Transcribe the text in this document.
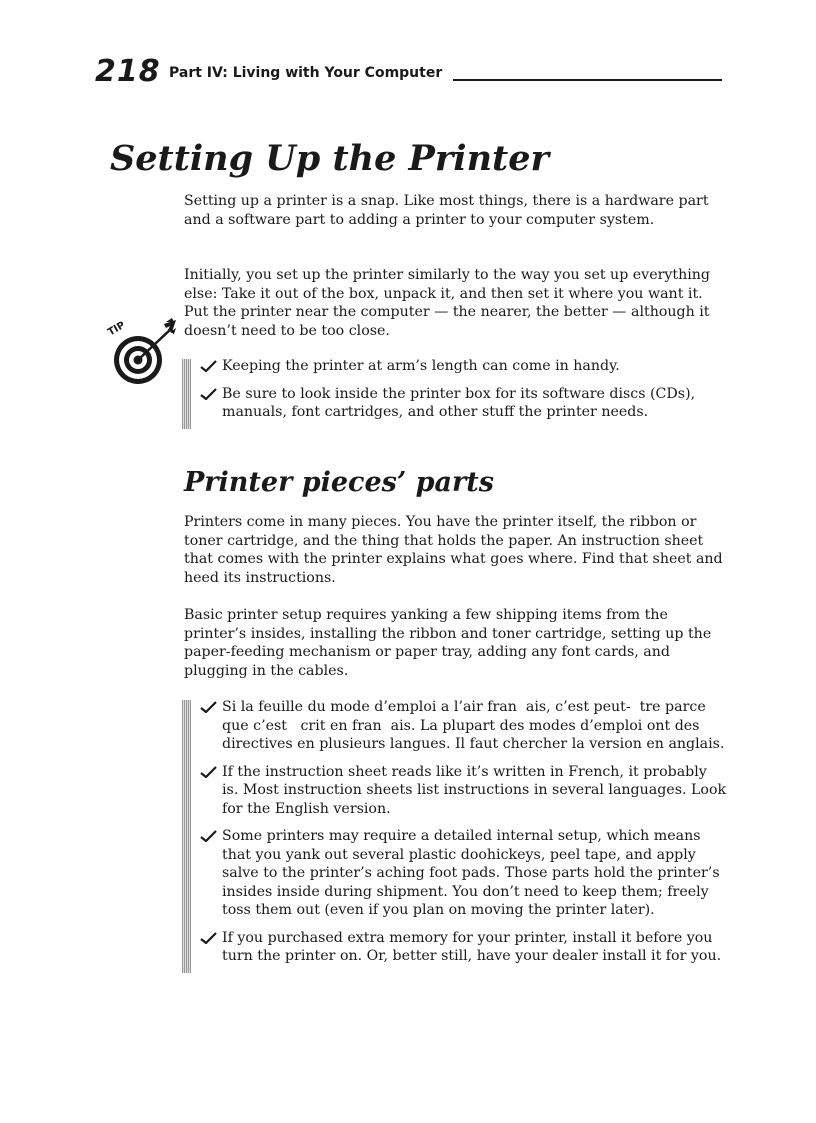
218 Part IV: Living with Your Computer
Setting Up the Printer

Setting up a printer is a snap. Like most things, there is a hardware part and a software part to adding a printer to your computer system.

Initially, you set up the printer similarly to the way you set up everything else: Take it out of the box, unpack it, and then set it where you want it. Put the printer near the computer — the nearer, the better — although it doesn’t need to be too close.

TIP
Keeping the printer at arm’s length can come in handy.
Be sure to look inside the printer box for its software discs (CDs), manuals, font cartridges, and other stuff the printer needs.
Printer pieces’ parts

Printers come in many pieces. You have the printer itself, the ribbon or toner cartridge, and the thing that holds the paper. An instruction sheet that comes with the printer explains what goes where. Find that sheet and heed its instructions.

Basic printer setup requires yanking a few shipping items from the printer’s insides, installing the ribbon and toner cartridge, setting up the paper-feeding mechanism or paper tray, adding any font cards, and plugging in the cables.

Si la feuille du mode d’emploi a l’air fran  ais, c’est peut-  tre parce que c’est   crit en fran  ais. La plupart des modes d’emploi ont des directives en plusieurs langues. Il faut chercher la version en anglais.
If the instruction sheet reads like it’s written in French, it probably is. Most instruction sheets list instructions in several languages. Look for the English version.
Some printers may require a detailed internal setup, which means that you yank out several plastic doohickeys, peel tape, and apply salve to the printer’s aching foot pads. Those parts hold the printer’s insides inside during shipment. You don’t need to keep them; freely toss them out (even if you plan on moving the printer later).
If you purchased extra memory for your printer, install it before you turn the printer on. Or, better still, have your dealer install it for you.
